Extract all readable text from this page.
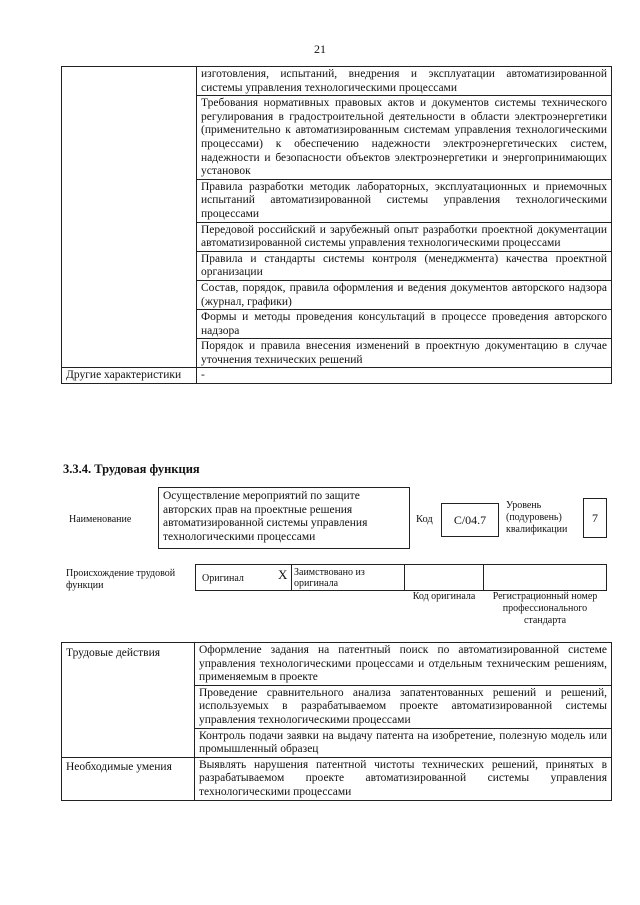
21
	изготовления, испытаний, внедрения и эксплуатации автоматизированной системы управления технологическими процессами
	Требования нормативных правовых актов и документов системы технического регулирования в градостроительной деятельности в области электроэнергетики (применительно к автоматизированным системам управления технологическими процессами) к обеспечению надежности электроэнергетических систем, надежности и безопасности объектов электроэнергетики и энергопринимающих установок
	Правила разработки методик лабораторных, эксплуатационных и приемочных испытаний автоматизированной системы управления технологическими процессами
	Передовой российский и зарубежный опыт разработки проектной документации автоматизированной системы управления технологическими процессами
	Правила и стандарты системы контроля (менеджмента) качества проектной организации
	Состав, порядок, правила оформления и ведения документов авторского надзора (журнал, графики)
	Формы и методы проведения консультаций в процессе проведения авторского надзора
	Порядок и правила внесения изменений в проектную документацию в случае уточнения технических решений
Другие характеристики	-
3.3.4. Трудовая функция
Наименование
Осуществление мероприятий по защите авторских прав на проектные решения автоматизированной системы управления технологическими процессами
Код	C/04.7
Уровень (подуровень) квалификации
7
Происхождение трудовой функции
Оригинал	X Заимствовано из оригинала
Код оригинала	Регистрационный номер профессионального стандарта
Трудовые действия	Оформление задания на патентный поиск по автоматизированной системе управления технологическими процессами и отдельным техническим решениям, применяемым в проекте
	Проведение сравнительного анализа запатентованных решений и решений, используемых в разрабатываемом проекте автоматизированной системы управления технологическими процессами
	Контроль подачи заявки на выдачу патента на изобретение, полезную модель или промышленный образец
Необходимые умения	Выявлять нарушения патентной чистоты технических решений, принятых в разрабатываемом проекте автоматизированной системы управления технологическими процессами
